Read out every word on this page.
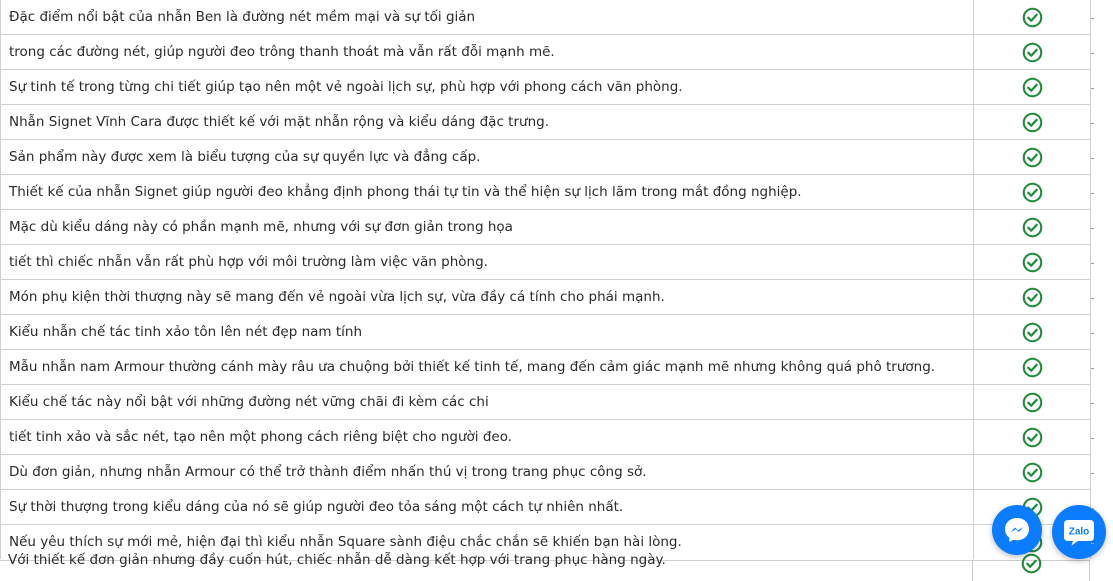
Đặc điểm nổi bật của nhẫn Ben là đường nét mềm mại và sự tối giản
trong các đường nét, giúp người đeo trông thanh thoát mà vẫn rất đỗi mạnh mẽ.
Sự tinh tế trong từng chi tiết giúp tạo nên một vẻ ngoài lịch sự, phù hợp với phong cách văn phòng.
Nhẫn Signet Vĩnh Cara được thiết kế với mặt nhẫn rộng và kiểu dáng đặc trưng.
Sản phẩm này được xem là biểu tượng của sự quyền lực và đẳng cấp.
Thiết kế của nhẫn Signet giúp người đeo khẳng định phong thái tự tin và thể hiện sự lịch lãm trong mắt đồng nghiệp.
Mặc dù kiểu dáng này có phần mạnh mẽ, nhưng với sự đơn giản trong họa
tiết thì chiếc nhẫn vẫn rất phù hợp với môi trường làm việc văn phòng.
Món phụ kiện thời thượng này sẽ mang đến vẻ ngoài vừa lịch sự, vừa đầy cá tính cho phái mạnh.
Kiểu nhẫn chế tác tinh xảo tôn lên nét đẹp nam tính
Mẫu nhẫn nam Armour thường cánh mày râu ưa chuộng bởi thiết kế tinh tế, mang đến cảm giác mạnh mẽ nhưng không quá phô trương.
Kiểu chế tác này nổi bật với những đường nét vững chãi đi kèm các chi
tiết tinh xảo và sắc nét, tạo nên một phong cách riêng biệt cho người đeo.
Dù đơn giản, nhưng nhẫn Armour có thể trở thành điểm nhấn thú vị trong trang phục công sở.
Sự thời thượng trong kiểu dáng của nó sẽ giúp người đeo tỏa sáng một cách tự nhiên nhất.
Nếu yêu thích sự mới mẻ, hiện đại thì kiểu nhẫn Square sành điệu chắc chắn sẽ khiến bạn hài lòng.
Với thiết kế đơn giản nhưng đầy cuốn hút, chiếc nhẫn dễ dàng kết hợp với trang phục hàng ngày.
Zalo
